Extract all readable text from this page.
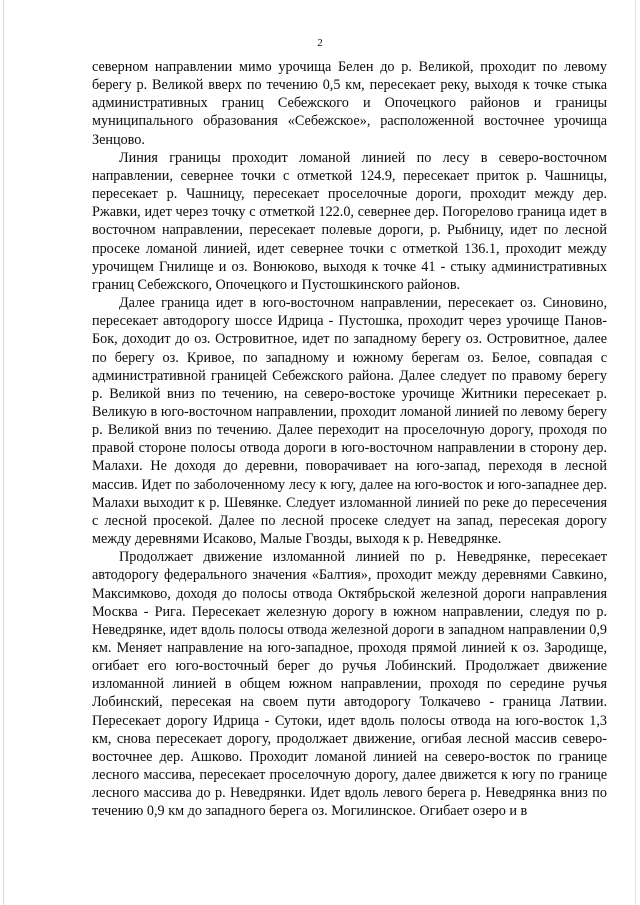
2

северном направлении мимо урочища Белен до р. Великой, проходит по левому берегу р. Великой вверх по течению 0,5 км, пересекает реку, выходя к точке стыка административных границ Себежского и Опочецкого районов и границы муниципального образования «Себежское», расположенной восточнее урочища Зенцово.

Линия границы проходит ломаной линией по лесу в северо-восточном направлении, севернее точки с отметкой 124.9, пересекает приток р. Чашницы, пересекает р. Чашницу, пересекает проселочные дороги, проходит между дер. Ржавки, идет через точку с отметкой 122.0, севернее дер. Погорелово граница идет в восточном направлении, пересекает полевые дороги, р. Рыбницу, идет по лесной просеке ломаной линией, идет севернее точки с отметкой 136.1, проходит между урочищем Гнилище и оз. Вонюково, выходя к точке 41 - стыку административных границ Себежского, Опочецкого и Пустошкинского районов.

Далее граница идет в юго-восточном направлении, пересекает оз. Синовино, пересекает автодорогу шоссе Идрица - Пустошка, проходит через урочище Панов-Бок, доходит до оз. Островитное, идет по западному берегу оз. Островитное, далее по берегу оз. Кривое, по западному и южному берегам оз. Белое, совпадая с административной границей Себежского района. Далее следует по правому берегу р. Великой вниз по течению, на северо-востоке урочище Житники пересекает р. Великую в юго-восточном направлении, проходит ломаной линией по левому берегу р. Великой вниз по течению. Далее переходит на проселочную дорогу, проходя по правой стороне полосы отвода дороги в юго-восточном направлении в сторону дер. Малахи. Не доходя до деревни, поворачивает на юго-запад, переходя в лесной массив. Идет по заболоченному лесу к югу, далее на юго-восток и юго-западнее дер. Малахи выходит к р. Шевянке. Следует изломанной линией по реке до пересечения с лесной просекой. Далее по лесной просеке следует на запад, пересекая дорогу между деревнями Исаково, Малые Гвозды, выходя к р. Неведрянке.

Продолжает движение изломанной линией по р. Неведрянке, пересекает автодорогу федерального значения «Балтия», проходит между деревнями Савкино, Максимково, доходя до полосы отвода Октябрьской железной дороги направления Москва - Рига. Пересекает железную дорогу в южном направлении, следуя по р. Неведрянке, идет вдоль полосы отвода железной дороги в западном направлении 0,9 км. Меняет направление на юго-западное, проходя прямой линией к оз. Зародище, огибает его юго-восточный берег до ручья Лобинский. Продолжает движение изломанной линией в общем южном направлении, проходя по середине ручья Лобинский, пересекая на своем пути автодорогу Толкачево - граница Латвии. Пересекает дорогу Идрица - Сутоки, идет вдоль полосы отвода на юго-восток 1,3 км, снова пересекает дорогу, продолжает движение, огибая лесной массив северо-восточнее дер. Ашково. Проходит ломаной линией на северо-восток по границе лесного массива, пересекает проселочную дорогу, далее движется к югу по границе лесного массива до р. Неведрянки. Идет вдоль левого берега р. Неведрянка вниз по течению 0,9 км до западного берега оз. Могилинское. Огибает озеро и в
